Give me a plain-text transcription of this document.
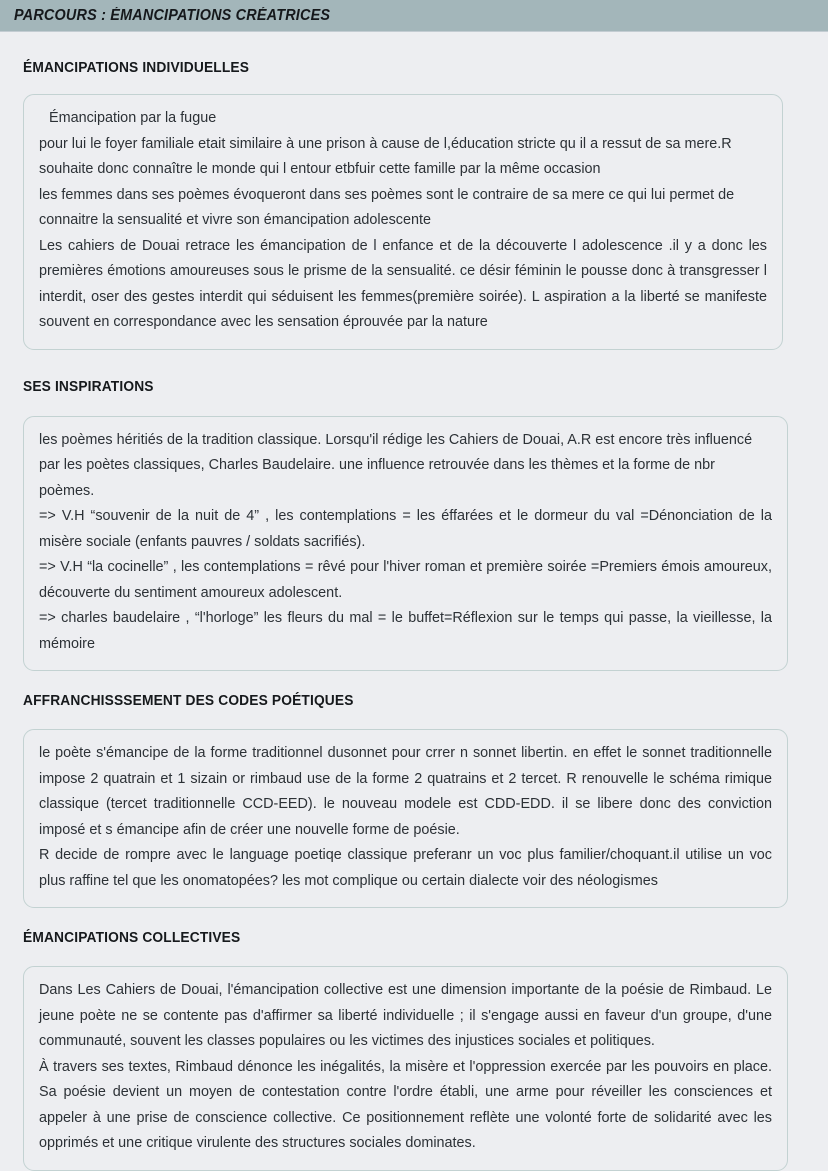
PARCOURS : ÉMANCIPATIONS CRÉATRICES
ÉMANCIPATIONS INDIVIDUELLES

Émancipation par la fugue

pour lui le foyer familiale etait similaire à une prison à cause de l,éducation stricte qu il a ressut de sa mere.R souhaite donc connaître le monde qui l entour etbfuir cette famille par la même occasion

les femmes dans ses poèmes évoqueront dans ses poèmes sont le contraire de sa mere ce qui lui permet de connaitre la sensualité et vivre son émancipation adolescente

Les cahiers de Douai retrace les émancipation de l enfance et de la découverte l adolescence .il y a donc les premières émotions amoureuses sous le prisme de la sensualité. ce désir féminin le pousse donc à transgresser l interdit, oser des gestes interdit qui séduisent les femmes(première soirée). L aspiration a la liberté se manifeste souvent en correspondance avec les sensation éprouvée par la nature

SES INSPIRATIONS

les poèmes héritiés de la tradition classique. Lorsqu'il rédige les Cahiers de Douai, A.R est encore très influencé par les poètes classiques, Charles Baudelaire. une influence retrouvée dans les thèmes et la forme de nbr poèmes.

=> V.H “souvenir de la nuit de 4” , les contemplations = les éffarées et le dormeur du val =Dénonciation de la misère sociale (enfants pauvres / soldats sacrifiés).

=> V.H “la cocinelle” , les contemplations = rêvé pour l'hiver roman et première soirée =Premiers émois amoureux, découverte du sentiment amoureux adolescent.

=> charles baudelaire , “l'horloge” les fleurs du mal = le buffet=Réflexion sur le temps qui passe, la vieillesse, la mémoire

AFFRANCHISSSEMENT DES CODES POÉTIQUES

le poète s'émancipe de la forme traditionnel dusonnet pour crrer n sonnet libertin. en effet le sonnet traditionnelle impose 2 quatrain et 1 sizain or rimbaud use de la forme 2 quatrains et 2 tercet. R renouvelle le schéma rimique classique (tercet traditionnelle CCD-EED). le nouveau modele est CDD-EDD. il se libere donc des conviction imposé et s émancipe afin de créer une nouvelle forme de poésie.

R decide de rompre avec le language poetiqe classique preferanr un voc plus familier/choquant.il utilise un voc plus raffine tel que les onomatopées? les mot complique ou certain dialecte voir des néologismes

ÉMANCIPATIONS COLLECTIVES

Dans Les Cahiers de Douai, l'émancipation collective est une dimension importante de la poésie de Rimbaud. Le jeune poète ne se contente pas d'affirmer sa liberté individuelle ; il s'engage aussi en faveur d'un groupe, d'une communauté, souvent les classes populaires ou les victimes des injustices sociales et politiques.

À travers ses textes, Rimbaud dénonce les inégalités, la misère et l'oppression exercée par les pouvoirs en place. Sa poésie devient un moyen de contestation contre l'ordre établi, une arme pour réveiller les consciences et appeler à une prise de conscience collective. Ce positionnement reflète une volonté forte de solidarité avec les opprimés et une critique virulente des structures sociales dominates.
